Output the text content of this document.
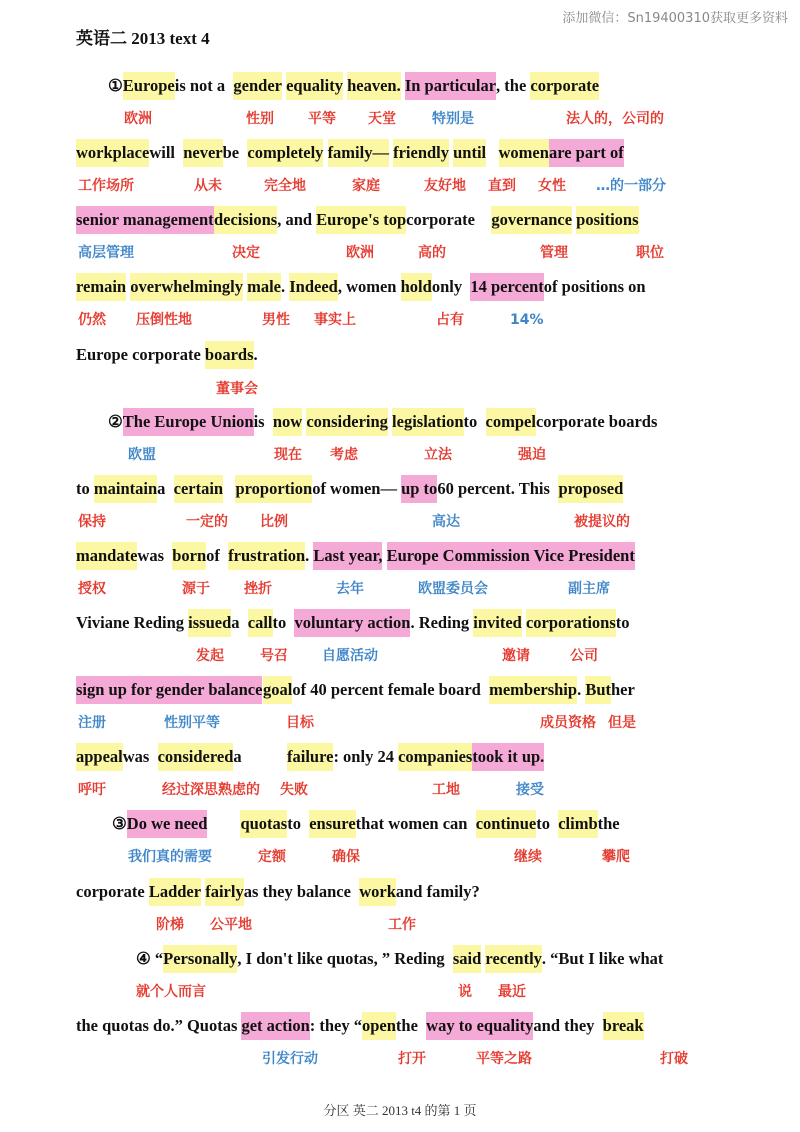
添加微信：Sn19400310获取更多资料
英语二 2013 text 4
① Europe is not a gender equality heaven. In particular , the corporate
workplace will never be completely family— friendly until women are part of
senior management decisions , and Europe's top corporate governance positions
remain overwhelmingly male . Indeed , women hold only 14 percent of positions on
Europe corporate boards .
② The Europe Union is now considering legislation to compel corporate boards
to maintain a certain proportion of women— up to 60 percent. This proposed
mandate was born of frustration . Last year, Europe Commission Vice President
Viviane Reding issued a call to voluntary action . Reding invited corporations to
sign up for gender balance goal of 40 percent female board membership . But her
appeal was considered a	failure : only 24 companies took it up.
③ Do we need quotas to ensure that women can continue to climb the
corporate Ladder fairly as they balance work and family?
④ “ Personally , I don't like quotas, ” Reding said recently . “But I like what
the quotas do.” Quotas get action : they “ open the way to equality and they break
欧洲	性别 平等 天堂	特别是	法人的，公司的
工作场所	从未	完全地	家庭	友好地 直到 女性 …的一部分
高层管理	决定	欧洲	高的	管理	职位
仍然 压倒性地	男性 事实上	占有	14%
董事会
欧盟	现在 考虑	立法	强迫
保持	一定的 比例	高达	被提议的
授权	源于 挫折	去年	欧盟委员会	副主席
发起	号召 自愿活动	邀请	公司
注册	性别平等	目标	成员资格 但是
呼吁	经过深思熟虑的 失败	工地	接受
我们真的需要	定额	确保	继续	攀爬
阶梯 公平地	工作
就个人而言	说 最近
引发行动	打开	平等之路	打破
分区 英二 2013 t4 的第 1 页
